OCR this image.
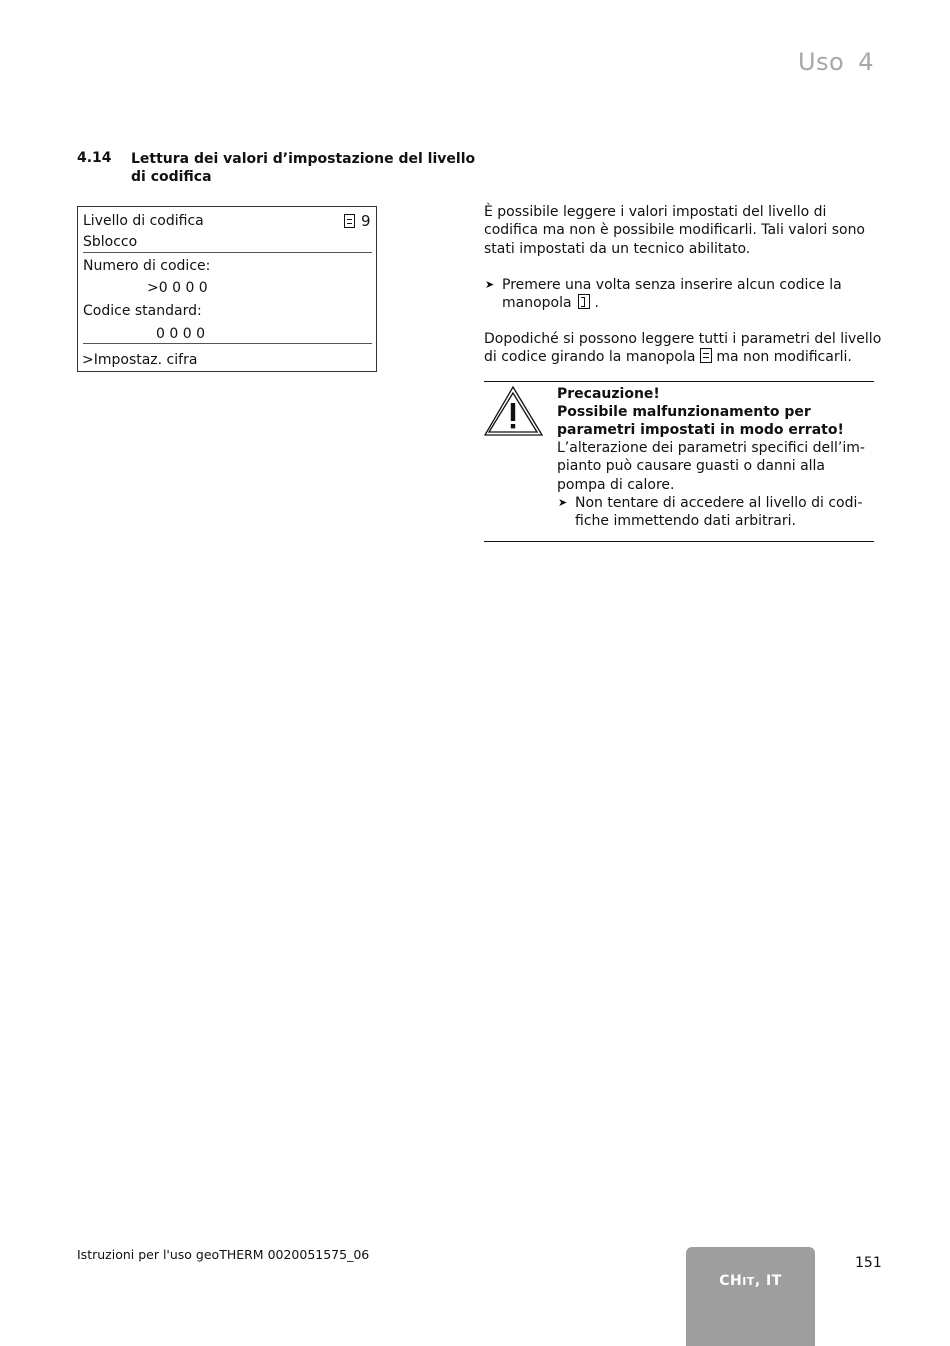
Uso 4
4.14 Lettura dei valori d’impostazione del livello di codifica
Livello di codifica	9
Sblocco
Numero di codice:
>0 0 0 0
Codice standard:
0 0 0 0
>Impostaz. cifra
È possibile leggere i valori impostati del livello di codifica ma non è possibile modificarli. Tali valori sono stati impostati da un tecnico abilitato.
➤ Premere una volta senza inserire alcun codice la manopola .
Dopodiché si possono leggere tutti i parametri del livello di codice girando la manopola ma non modificarli.
Precauzione!
Possibile malfunzionamento per parametri impostati in modo errato!
L’alterazione dei parametri specifici dell’impianto può causare guasti o danni alla pompa di calore.
➤ Non tentare di accedere al livello di codifiche immettendo dati arbitrari.
Istruzioni per l'uso geoTHERM 0020051575_06
CHIT, IT
151
